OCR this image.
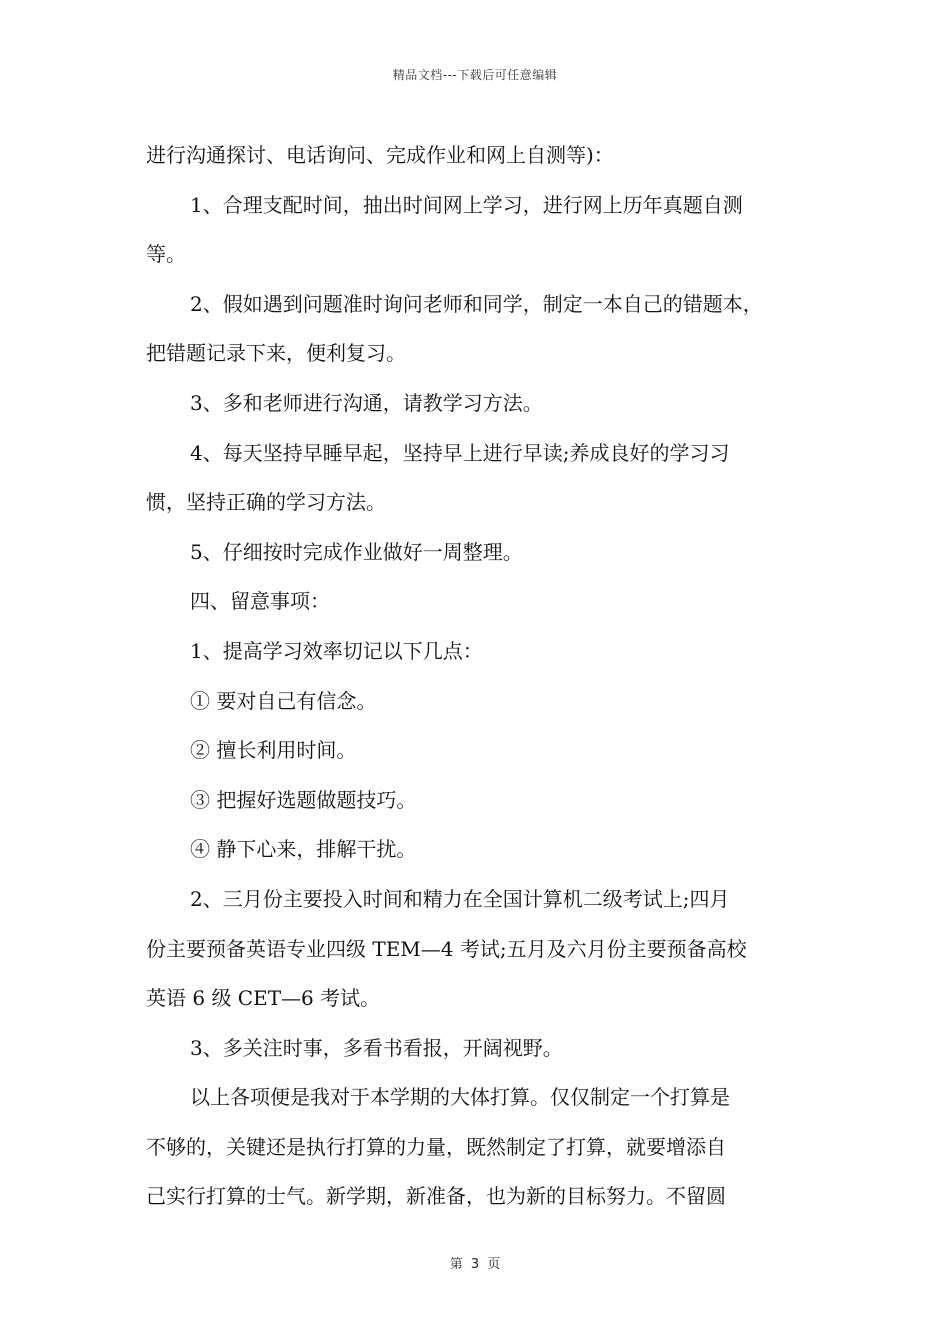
精品文档---下载后可任意编辑

进行沟通探讨、电话询问、完成作业和网上自测等)：

1、合理支配时间，抽出时间网上学习，进行网上历年真题自测

等。

2、假如遇到问题准时询问老师和同学，制定一本自己的错题本，

把错题记录下来，便利复习。

3、多和老师进行沟通，请教学习方法。

4、每天坚持早睡早起，坚持早上进行早读;养成良好的学习习

惯，坚持正确的学习方法。

5、仔细按时完成作业做好一周整理。

四、留意事项：

1、提高学习效率切记以下几点：

① 要对自己有信念。

② 擅长利用时间。

③ 把握好选题做题技巧。

④ 静下心来，排解干扰。

2、三月份主要投入时间和精力在全国计算机二级考试上;四月

份主要预备英语专业四级 TEM—4 考试;五月及六月份主要预备高校

英语 6 级 CET—6 考试。

3、多关注时事，多看书看报，开阔视野。

以上各项便是我对于本学期的大体打算。仅仅制定一个打算是

不够的，关键还是执行打算的力量，既然制定了打算，就要增添自

己实行打算的士气。新学期，新准备，也为新的目标努力。不留圆

第 3 页
